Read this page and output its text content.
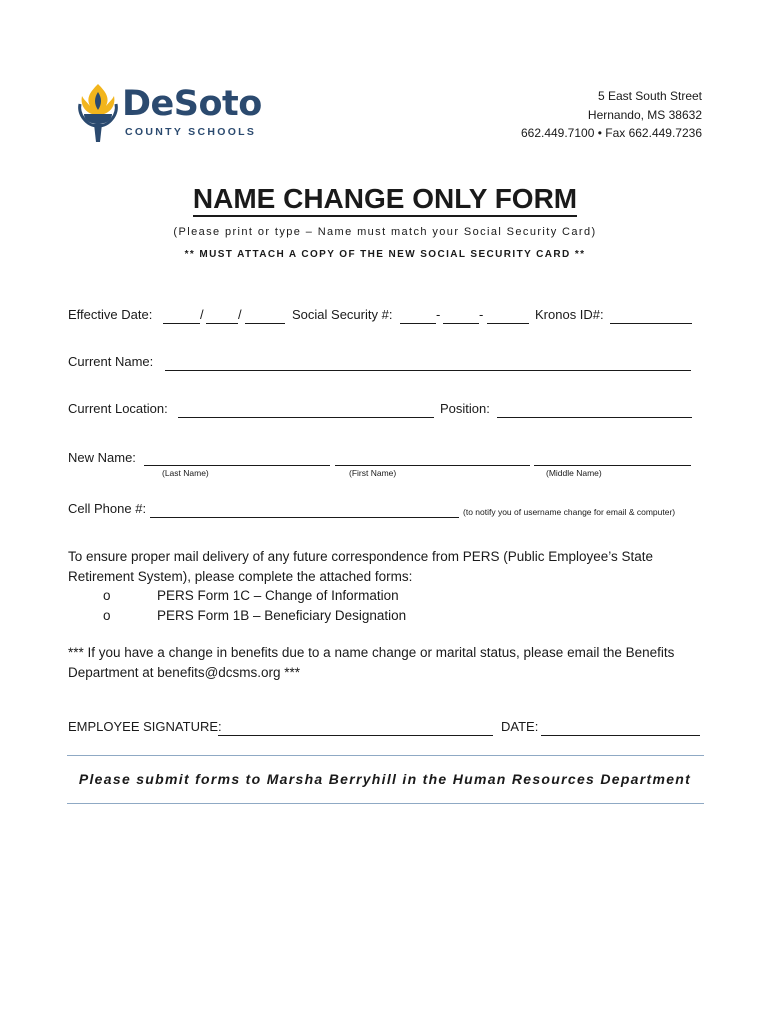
DeSoto
COUNTY SCHOOLS
5 East South Street
Hernando, MS 38632
662.449.7100 • Fax 662.449.7236
NAME CHANGE ONLY FORM
(Please print or type – Name must match your Social Security Card)
** MUST ATTACH A COPY OF THE NEW SOCIAL SECURITY CARD **
Effective Date:	/	/	Social Security #:	-	-	Kronos ID#:
Current Name:
Current Location:	Position:
New Name:
(Last Name)	(First Name)	(Middle Name)
Cell Phone #:	(to notify you of username change for email & computer)
To ensure proper mail delivery of any future correspondence from PERS (Public Employee’s State
Retirement System), please complete the attached forms:
o	PERS Form 1C – Change of Information
o	PERS Form 1B – Beneficiary Designation
*** If you have a change in benefits due to a name change or marital status, please email the Benefits
Department at benefits@dcsms.org ***
EMPLOYEE SIGNATURE:	DATE:
Please submit forms to Marsha Berryhill in the Human Resources Department
